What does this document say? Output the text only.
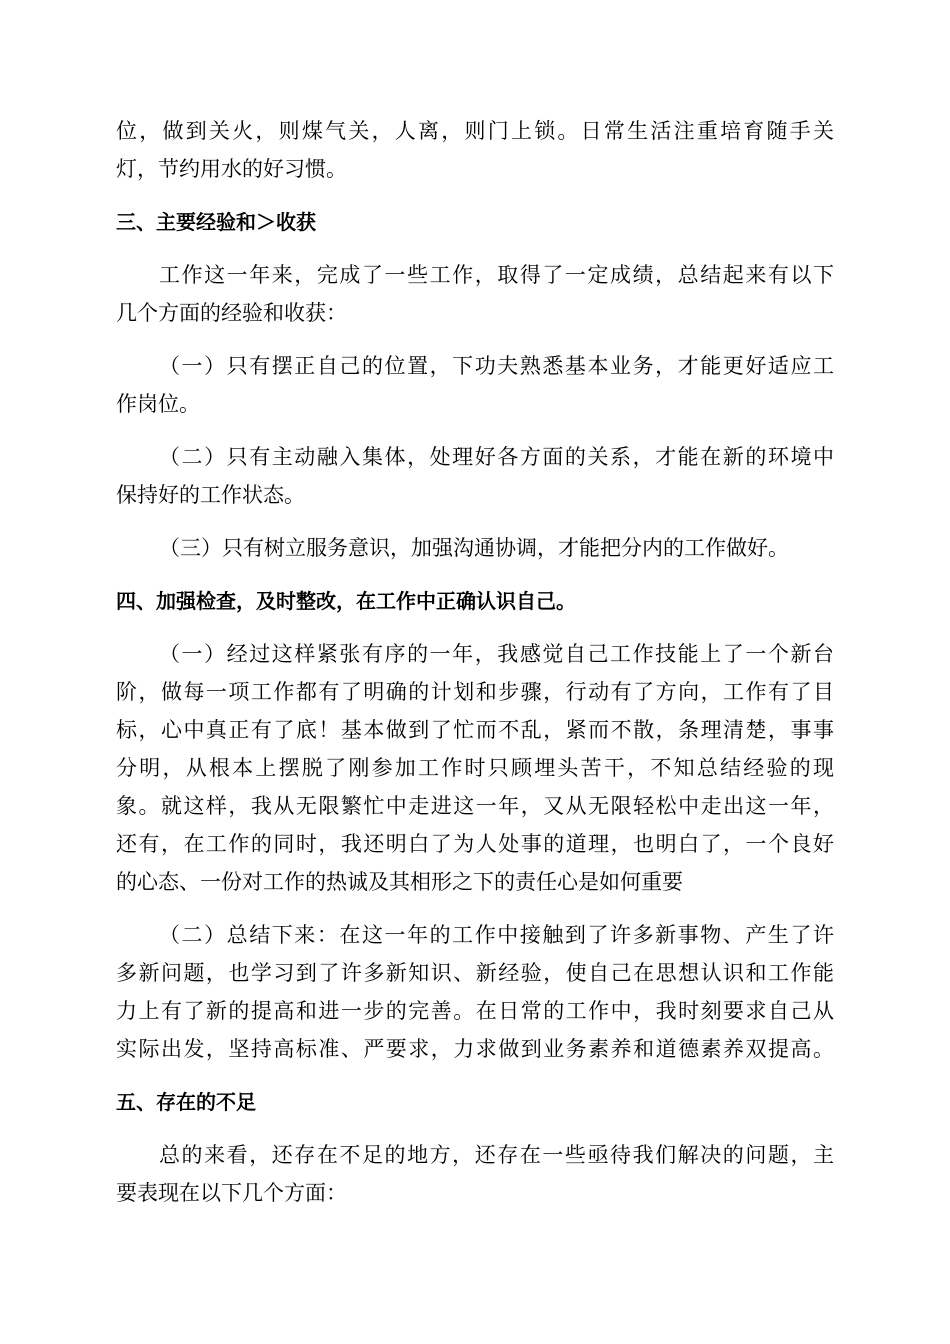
位，做到关火，则煤气关，人离，则门上锁。日常生活注重培育随手关
灯，节约用水的好习惯。
三、主要经验和＞收获
工作这一年来，完成了一些工作，取得了一定成绩，总结起来有以下
几个方面的经验和收获：
（一）只有摆正自己的位置，下功夫熟悉基本业务，才能更好适应工
作岗位。
（二）只有主动融入集体，处理好各方面的关系，才能在新的环境中
保持好的工作状态。
（三）只有树立服务意识，加强沟通协调，才能把分内的工作做好。
四、加强检查，及时整改，在工作中正确认识自己。
（一）经过这样紧张有序的一年，我感觉自己工作技能上了一个新台
阶，做每一项工作都有了明确的计划和步骤，行动有了方向，工作有了目
标，心中真正有了底！基本做到了忙而不乱，紧而不散，条理清楚，事事
分明，从根本上摆脱了刚参加工作时只顾埋头苦干，不知总结经验的现
象。就这样，我从无限繁忙中走进这一年，又从无限轻松中走出这一年，
还有，在工作的同时，我还明白了为人处事的道理，也明白了，一个良好
的心态、一份对工作的热诚及其相形之下的责任心是如何重要
（二）总结下来：在这一年的工作中接触到了许多新事物、产生了许
多新问题，也学习到了许多新知识、新经验，使自己在思想认识和工作能
力上有了新的提高和进一步的完善。在日常的工作中，我时刻要求自己从
实际出发，坚持高标准、严要求，力求做到业务素养和道德素养双提高。
五、存在的不足
总的来看，还存在不足的地方，还存在一些亟待我们解决的问题，主
要表现在以下几个方面：
